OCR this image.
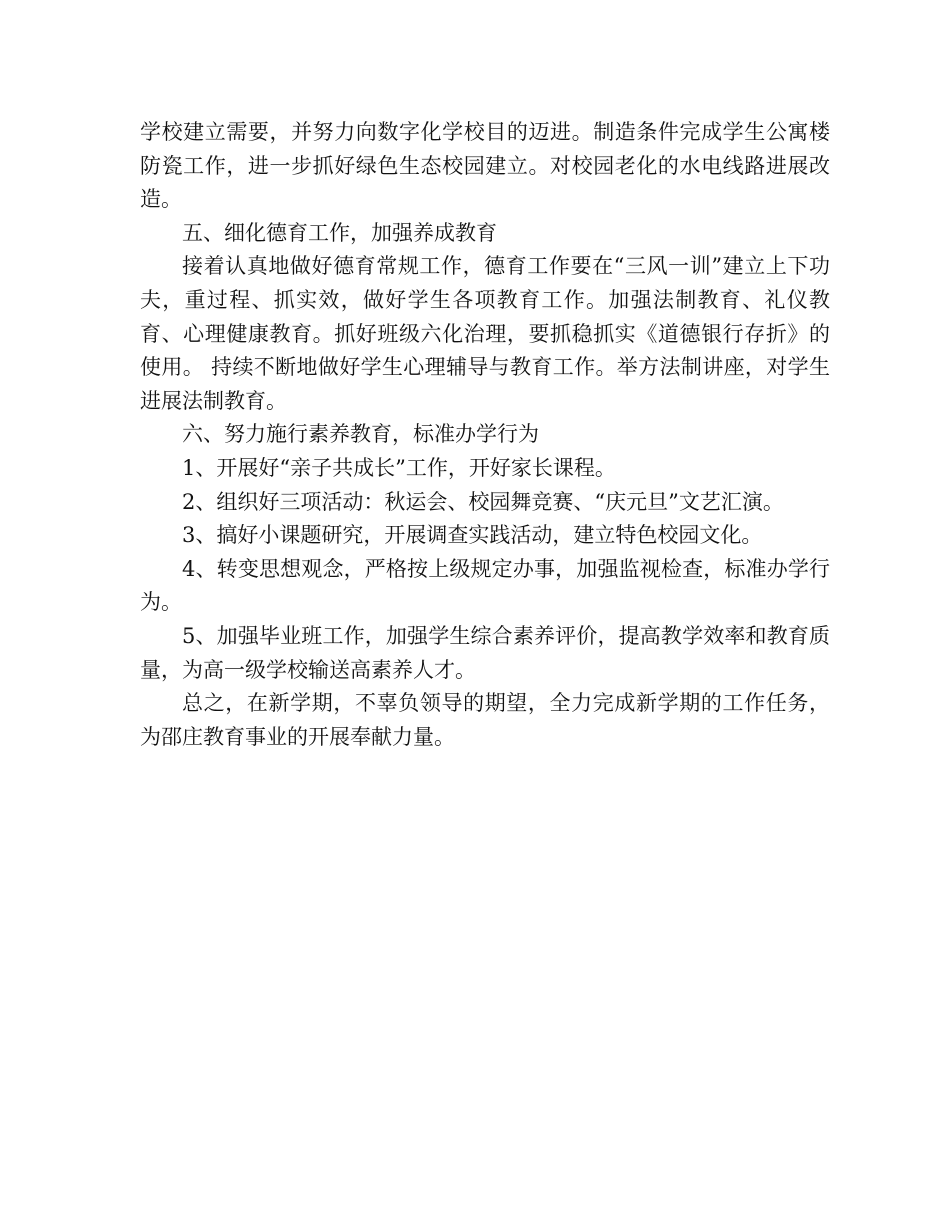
学校建立需要，并努力向数字化学校目的迈进。制造条件完成学生公寓楼防瓷工作，进一步抓好绿色生态校园建立。对校园老化的水电线路进展改造。

五、细化德育工作，加强养成教育

接着认真地做好德育常规工作，德育工作要在“三风一训”建立上下功夫，重过程、抓实效，做好学生各项教育工作。加强法制教育、礼仪教育、心理健康教育。抓好班级六化治理，要抓稳抓实《道德银行存折》的使用。 持续不断地做好学生心理辅导与教育工作。举方法制讲座，对学生进展法制教育。

六、努力施行素养教育，标准办学行为

1、开展好“亲子共成长”工作，开好家长课程。

2、组织好三项活动：秋运会、校园舞竞赛、“庆元旦”文艺汇演。

3、搞好小课题研究，开展调查实践活动，建立特色校园文化。

4、转变思想观念，严格按上级规定办事，加强监视检查，标准办学行为。

5、加强毕业班工作，加强学生综合素养评价，提高教学效率和教育质量，为高一级学校输送高素养人才。

总之，在新学期，不辜负领导的期望，全力完成新学期的工作任务，为邵庄教育事业的开展奉献力量。
